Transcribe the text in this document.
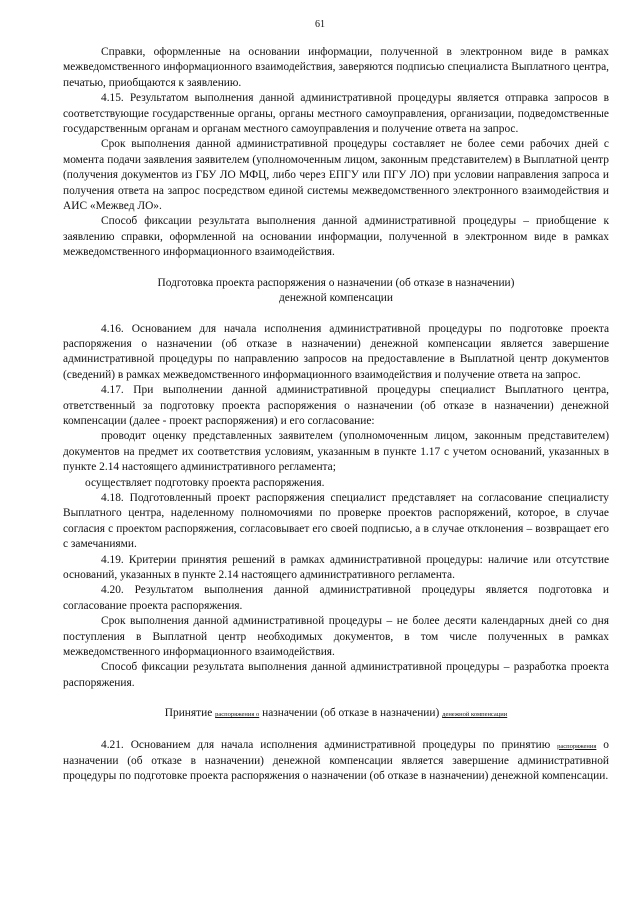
61

Справки, оформленные на основании информации, полученной в электронном виде в рамках межведомственного информационного взаимодействия, заверяются подписью специалиста Выплатного центра, печатью, приобщаются к заявлению.

4.15. Результатом выполнения данной административной процедуры является отправка запросов в соответствующие государственные органы, органы местного самоуправления, организации, подведомственные государственным органам и органам местного самоуправления и получение ответа на запрос.

Срок выполнения данной административной процедуры составляет не более семи рабочих дней с момента подачи заявления заявителем (уполномоченным лицом, законным представителем) в Выплатной центр (получения документов из ГБУ ЛО МФЦ, либо через ЕПГУ или ПГУ ЛО) при условии направления запроса и получения ответа на запрос посредством единой системы межведомственного электронного взаимодействия и АИС «Межвед ЛО».

Способ фиксации результата выполнения данной административной процедуры – приобщение к заявлению справки, оформленной на основании информации, полученной в электронном виде в рамках межведомственного информационного взаимодействия.

Подготовка проекта распоряжения о назначении (об отказе в назначении)

денежной компенсации

4.16. Основанием для начала исполнения административной процедуры по подготовке проекта распоряжения о назначении (об отказе в назначении) денежной компенсации является завершение административной процедуры по направлению запросов на предоставление в Выплатной центр документов (сведений) в рамках межведомственного информационного взаимодействия и получение ответа на запрос.

4.17. При выполнении данной административной процедуры специалист Выплатного центра, ответственный за подготовку проекта распоряжения о назначении (об отказе в назначении) денежной компенсации (далее - проект распоряжения) и его согласование:

проводит оценку представленных заявителем (уполномоченным лицом, законным представителем) документов на предмет их соответствия условиям, указанным в пункте 1.17 с учетом оснований, указанных в пункте 2.14 настоящего административного регламента;

осуществляет подготовку проекта распоряжения.

4.18. Подготовленный проект распоряжения специалист представляет на согласование специалисту Выплатного центра, наделенному полномочиями по проверке проектов распоряжений, которое, в случае согласия с проектом распоряжения, согласовывает его своей подписью, а в случае отклонения – возвращает его с замечаниями.

4.19. Критерии принятия решений в рамках административной процедуры: наличие или отсутствие оснований, указанных в пункте 2.14 настоящего административного регламента.

4.20. Результатом выполнения данной административной процедуры является подготовка и согласование проекта распоряжения.

Срок выполнения данной административной процедуры – не более десяти календарных дней со дня поступления в Выплатной центр необходимых документов, в том числе полученных в рамках межведомственного информационного взаимодействия.

Способ фиксации результата выполнения данной административной процедуры – разработка проекта распоряжения.

Принятие распоряжения о назначении (об отказе в назначении) денежной компенсации

4.21. Основанием для начала исполнения административной процедуры по принятию распоряжения о назначении (об отказе в назначении) денежной компенсации является завершение административной процедуры по подготовке проекта распоряжения о назначении (об отказе в назначении) денежной компенсации.
